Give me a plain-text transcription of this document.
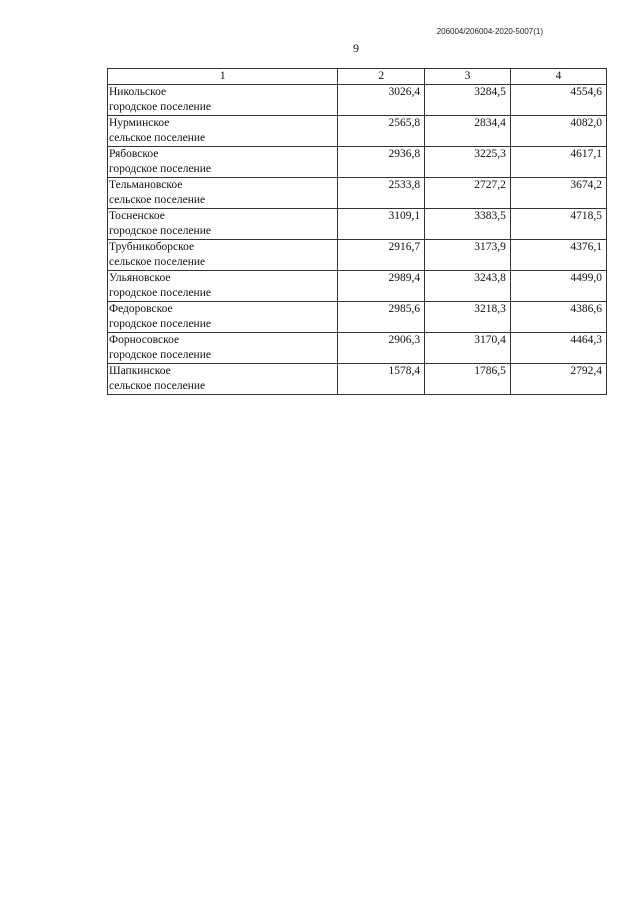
206004/206004-2020-5007(1)
9
1	2	3	4

Никольское
городское поселение	3026,4	3284,5	4554,6

Нурминское
сельское поселение	2565,8	2834,4	4082,0

Рябовское
городское поселение	2936,8	3225,3	4617,1

Тельмановское
сельское поселение	2533,8	2727,2	3674,2

Тосненское
городское поселение	3109,1	3383,5	4718,5

Трубникоборское
сельское поселение	2916,7	3173,9	4376,1

Ульяновское
городское поселение	2989,4	3243,8	4499,0

Федоровское
городское поселение	2985,6	3218,3	4386,6

Форносовское
городское поселение	2906,3	3170,4	4464,3

Шапкинское
сельское поселение	1578,4	1786,5	2792,4
